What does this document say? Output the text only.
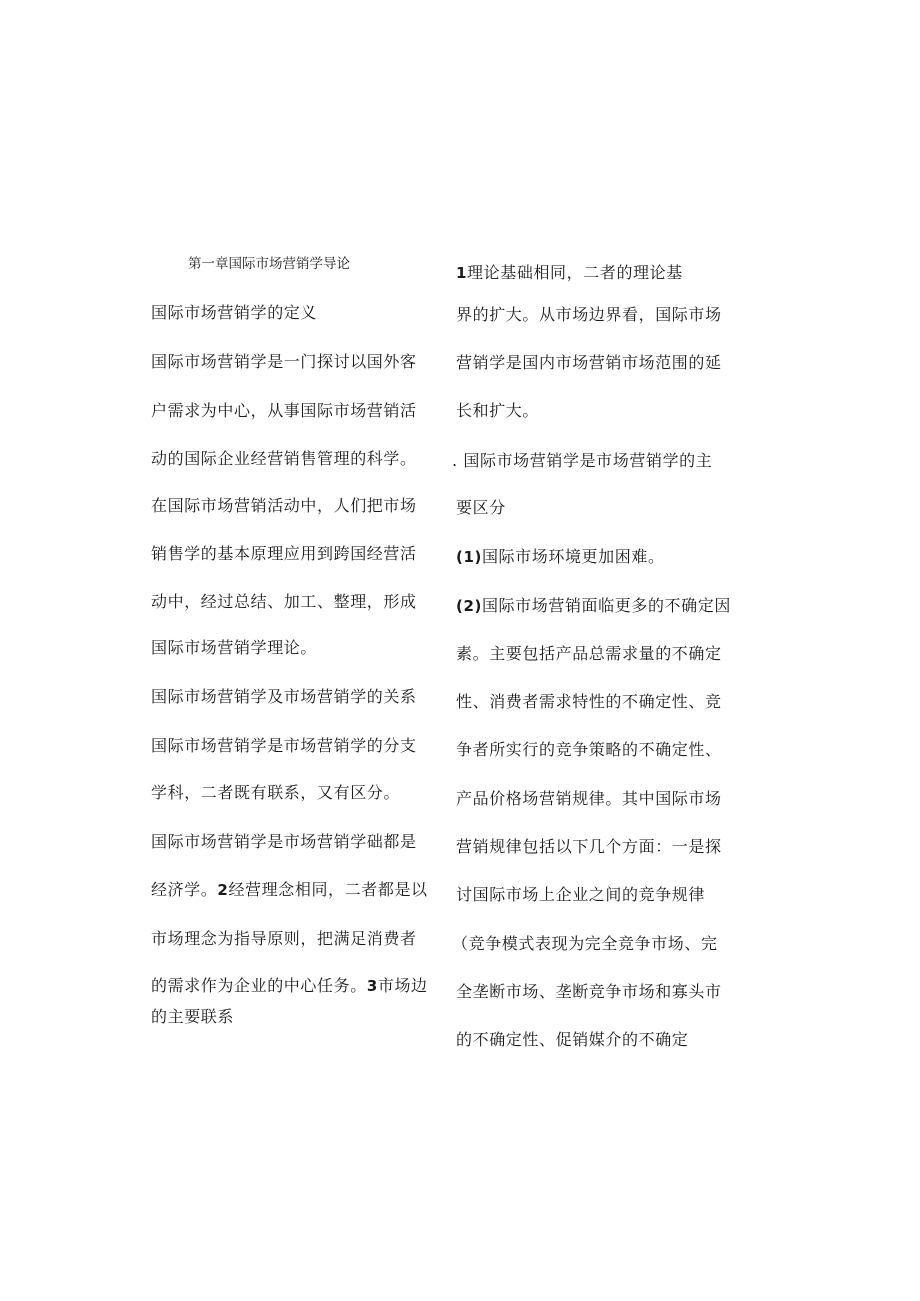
第一章国际市场营销学导论
国际市场营销学的定义
国际市场营销学是一门探讨以国外客
户需求为中心，从事国际市场营销活
动的国际企业经营销售管理的科学。
在国际市场营销活动中，人们把市场
销售学的基本原理应用到跨国经营活
动中，经过总结、加工、整理，形成
国际市场营销学理论。
国际市场营销学及市场营销学的关系
国际市场营销学是市场营销学的分支
学科，二者既有联系，又有区分。
国际市场营销学是市场营销学础都是
经济学。2经营理念相同，二者都是以
市场理念为指导原则，把满足消费者
的需求作为企业的中心任务。3市场边
的主要联系
1理论基础相同，二者的理论基
界的扩大。从市场边界看，国际市场
营销学是国内市场营销市场范围的延
长和扩大。
. 国际市场营销学是市场营销学的主
要区分
(1)国际市场环境更加困难。
(2)国际市场营销面临更多的不确定因
素。主要包括产品总需求量的不确定
性、消费者需求特性的不确定性、竞
争者所实行的竞争策略的不确定性、
产品价格场营销规律。其中国际市场
营销规律包括以下几个方面：一是探
讨国际市场上企业之间的竞争规律
（竞争模式表现为完全竞争市场、完
全垄断市场、垄断竞争市场和寡头市
的不确定性、促销媒介的不确定
